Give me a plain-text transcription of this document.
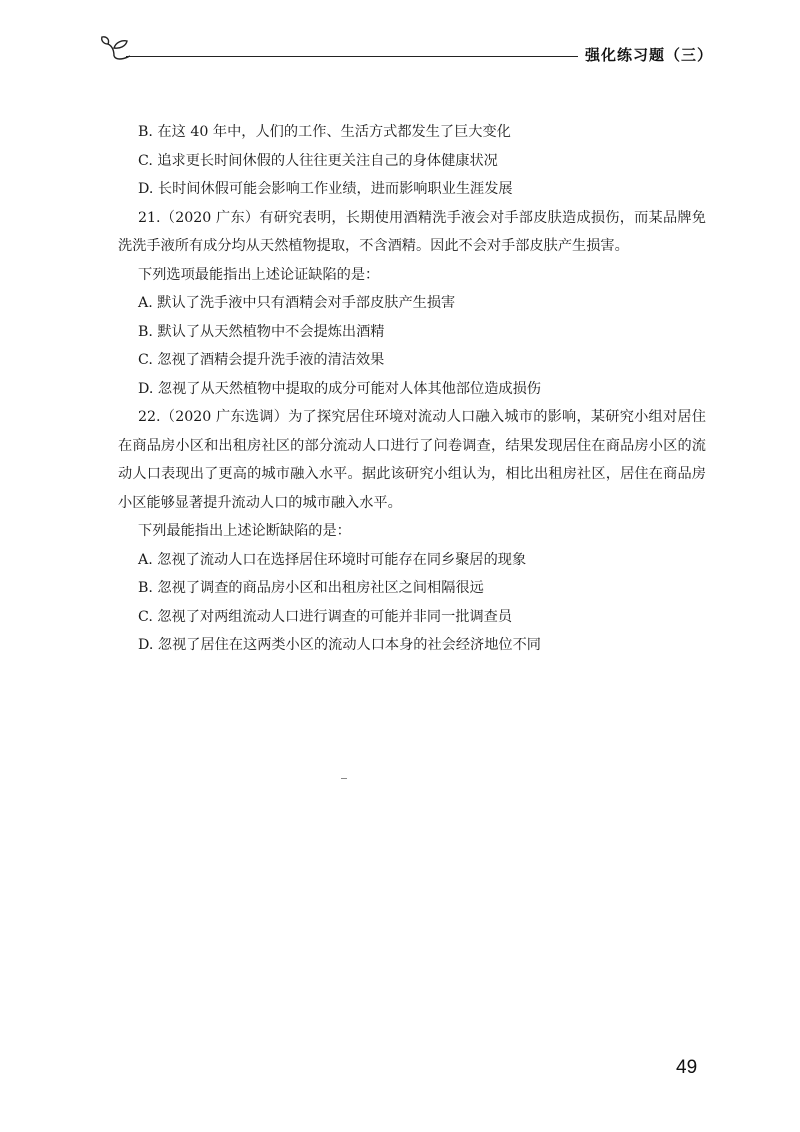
强化练习题（三）

B. 在这 40 年中，人们的工作、生活方式都发生了巨大变化

C. 追求更长时间休假的人往往更关注自己的身体健康状况

D. 长时间休假可能会影响工作业绩，进而影响职业生涯发展

21.（2020 广东）有研究表明，长期使用酒精洗手液会对手部皮肤造成损伤，而某品牌免洗洗手液所有成分均从天然植物提取，不含酒精。因此不会对手部皮肤产生损害。

下列选项最能指出上述论证缺陷的是：

A. 默认了洗手液中只有酒精会对手部皮肤产生损害

B. 默认了从天然植物中不会提炼出酒精

C. 忽视了酒精会提升洗手液的清洁效果

D. 忽视了从天然植物中提取的成分可能对人体其他部位造成损伤

22.（2020 广东选调）为了探究居住环境对流动人口融入城市的影响，某研究小组对居住在商品房小区和出租房社区的部分流动人口进行了问卷调查，结果发现居住在商品房小区的流动人口表现出了更高的城市融入水平。据此该研究小组认为，相比出租房社区，居住在商品房小区能够显著提升流动人口的城市融入水平。

下列最能指出上述论断缺陷的是：

A. 忽视了流动人口在选择居住环境时可能存在同乡聚居的现象

B. 忽视了调查的商品房小区和出租房社区之间相隔很远

C. 忽视了对两组流动人口进行调查的可能并非同一批调查员

D. 忽视了居住在这两类小区的流动人口本身的社会经济地位不同

49
